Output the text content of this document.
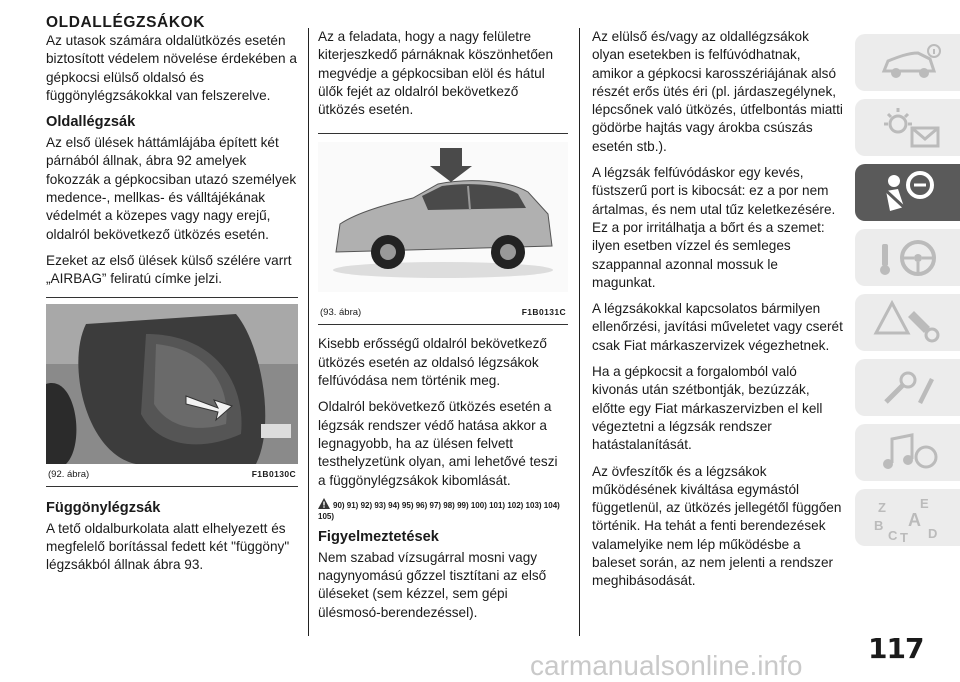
OLDALLÉGZSÁKOK

Az utasok számára oldalütközés esetén biztosított védelem növelése érdekében a gépkocsi elülső oldalsó és függönylégzsákokkal van felszerelve.

Oldallégzsák

Az első ülések háttámlájába épített két párnából állnak, ábra 92 amelyek fokozzák a gépkocsiban utazó személyek medence-, mellkas- és válltájékának védelmét a közepes vagy nagy erejű, oldalról bekövetkező ütközés esetén.

Ezeket az első ülések külső szélére varrt „AIRBAG” feliratú címke jelzi.

(92. ábra)	F1B0130C
Függönylégzsák

A tető oldalburkolata alatt elhelyezett és megfelelő borítással fedett két "függöny" légzsákból állnak ábra 93.

Az a feladata, hogy a nagy felületre kiterjeszkedő párnáknak köszönhetően megvédje a gépkocsiban elöl és hátul ülők fejét az oldalról bekövetkező ütközés esetén.

(93. ábra)	F1B0131C

Kisebb erősségű oldalról bekövetkező ütközés esetén az oldalsó légzsákok felfúvódása nem történik meg.

Oldalról bekövetkező ütközés esetén a légzsák rendszer védő hatása akkor a legnagyobb, ha az ülésen felvett testhelyzetünk olyan, ami lehetővé teszi a függönylégzsákok kibomlását.

90) 91) 92) 93) 94) 95) 96) 97) 98) 99) 100) 101) 102) 103) 104) 105)
Figyelmeztetések

Nem szabad vízsugárral mosni vagy nagynyomású gőzzel tisztítani az első üléseket (sem kézzel, sem gépi ülésmosó-berendezéssel).

Az elülső és/vagy az oldallégzsákok olyan esetekben is felfúvódhatnak, amikor a gépkocsi karosszériájának alsó részét erős ütés éri (pl. járdaszegélynek, lépcsőnek való ütközés, útfelbontás miatti gödörbe hajtás vagy árokba csúszás esetén stb.).

A légzsák felfúvódáskor egy kevés, füstszerű port is kibocsát: ez a por nem ártalmas, és nem utal tűz keletkezésére. Ez a por irritálhatja a bőrt és a szemet: ilyen esetben vízzel és semleges szappannal azonnal mossuk le magunkat.

A légzsákokkal kapcsolatos bármilyen ellenőrzési, javítási műveletet vagy cserét csak Fiat márkaszervizek végezhetnek.

Ha a gépkocsit a forgalomból való kivonás után szétbontják, bezúzzák, előtte egy Fiat márkaszervizben el kell végeztetni a légzsák rendszer hatástalanítását.

Az övfeszítők és a légzsákok működésének kiváltása egymástól függetlenül, az ütközés jellegétől függően történik. Ha tehát a fenti berendezések valamelyike nem lép működésbe a baleset során, az nem jelenti a rendszer meghibásodását.

Z	E
B A
C T D
carmanualsonline.info
117
